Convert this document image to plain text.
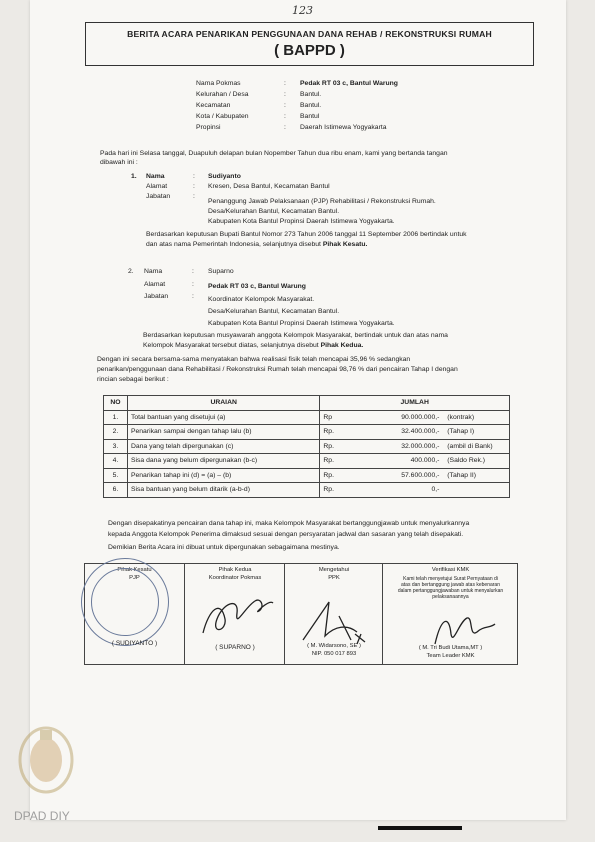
123
BERITA ACARA PENARIKAN PENGGUNAAN DANA REHAB / REKONSTRUKSI RUMAH
( BAPPD )
Nama Pokmas	: Pedak RT 03 c, Bantul Warung
Kelurahan / Desa	: Bantul.
Kecamatan	: Bantul.
Kota / Kabupaten	: Bantul
Propinsi	: Daerah Istimewa Yogyakarta
Pada hari ini Selasa tanggal, Duapuluh delapan bulan Nopember Tahun dua ribu enam, kami yang bertanda tangan
dibawah ini :
1. Nama	: Sudiyanto
Alamat	: Kresen, Desa Bantul, Kecamatan Bantul
Jabatan	:
Penanggung Jawab Pelaksanaan (PJP) Rehabilitasi / Rekonstruksi Rumah.
Desa/Kelurahan Bantul, Kecamatan Bantul.
Kabupaten Kota Bantul Propinsi Daerah Istimewa Yogyakarta.
Berdasarkan keputusan Bupati Bantul Nomor 273 Tahun 2006 tanggal 11 September 2006 bertindak untuk
dan atas nama Pemerintah Indonesia, selanjutnya disebut Pihak Kesatu.
2. Nama	: Suparno
Alamat	: Pedak RT 03 c, Bantul Warung
Jabatan	: Koordinator Kelompok Masyarakat.
Desa/Kelurahan Bantul, Kecamatan Bantul.
Kabupaten Kota Bantul Propinsi Daerah Istimewa Yogyakarta.
Berdasarkan keputusan musyawarah anggota Kelompok Masyarakat, bertindak untuk dan atas nama
Kelompok Masyarakat tersebut diatas, selanjutnya disebut Pihak Kedua.
Dengan ini secara bersama-sama menyatakan bahwa realisasi fisik telah mencapai 35,96 % sedangkan
penarikan/penggunaan dana Rehabilitasi / Rekonstruksi Rumah telah mencapai 98,76 % dari pencairan Tahap I dengan
rincian sebagai berikut :
NO	URAIAN	JUMLAH
1.	Total bantuan yang disetujui (a)	Rp 90.000.000,- (kontrak)
2.	Penarikan sampai dengan tahap lalu (b)	Rp. 32.400.000,- (Tahap I)
3.	Dana yang telah dipergunakan (c)	Rp. 32.000.000,- (ambil di Bank)
4.	Sisa dana yang belum dipergunakan (b-c)	Rp. 400.000,- (Saldo Rek.)
5.	Penarikan tahap ini (d) = (a) – (b)	Rp. 57.600.000,- (Tahap II)
6.	Sisa bantuan yang belum ditarik (a-b-d)	Rp. 0,-
Dengan disepakatinya pencairan dana tahap ini, maka Kelompok Masyarakat bertanggungjawab untuk menyalurkannya
kepada Anggota Kelompok Penerima dimaksud sesuai dengan persyaratan jadwal dan sasaran yang telah disepakati.
Demikian Berita Acara ini dibuat untuk dipergunakan sebagaimana mestinya.
Pihak Kesatu
PJP
( SUDIYANTO )
Pihak Kedua
Koordinator Pokmas
( SUPARNO )
Mengetahui
PPK
( M. Widarsono, SE )
NIP. 050 017 893
Verifikasi KMK
Kami telah menyetujui Surat Pernyataan di
atas dan bertanggung jawab atas kebenaran
dalam pertanggungjawaban untuk menyalurkan
pelaksanaannya
( M. Tri Budi Utama,MT )
Team Leader KMK
DPAD DIY
